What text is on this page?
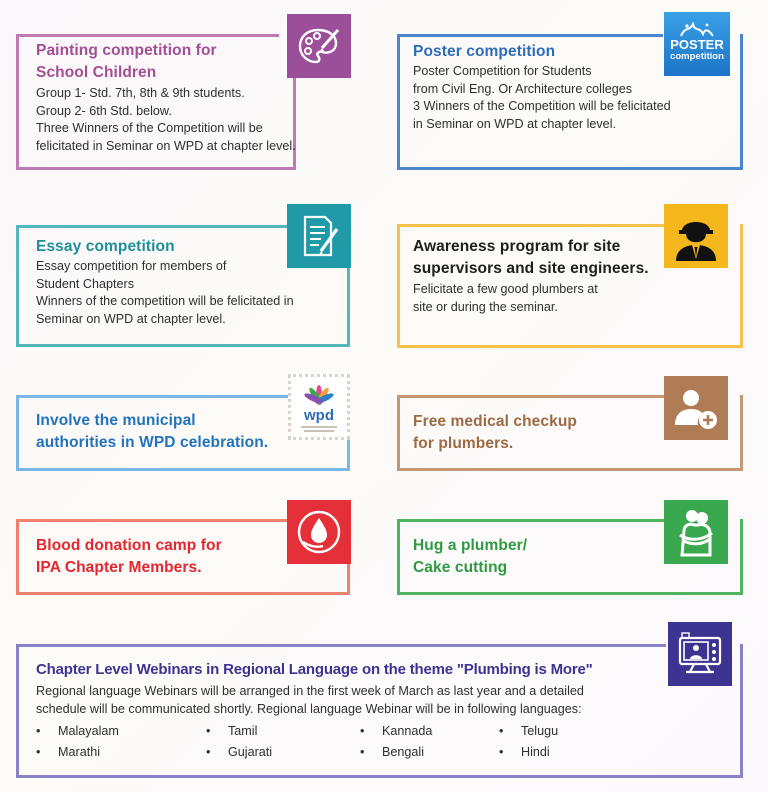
Painting competition for
School Children
Group 1- Std. 7th, 8th & 9th students.
Group 2- 6th Std. below.
Three Winners of the Competition will be
felicitated in Seminar on WPD at chapter level.
Poster competition
Poster Competition for Students
from Civil Eng. Or Architecture colleges
3 Winners of the Competition will be felicitated
in Seminar on WPD at chapter level.
POSTER
competition
Essay competition
Essay competition for members of
Student Chapters
Winners of the competition will be felicitated in
Seminar on WPD at chapter level.
Awareness program for site
supervisors and site engineers.
Felicitate a few good plumbers at
site or during the seminar.
Involve the municipal
authorities in WPD celebration.
wpd	Free medical checkup
for plumbers.
Blood donation camp for
IPA Chapter Members.
Hug a plumber/
Cake cutting
Chapter Level Webinars in Regional Language on the theme "Plumbing is More"
Regional language Webinars will be arranged in the first week of March as last year and a detailed
schedule will be communicated shortly. Regional language Webinar will be in following languages:
• Malayalam
• Marathi
• Tamil
• Gujarati
• Kannada
• Bengali
• Telugu
• Hindi
